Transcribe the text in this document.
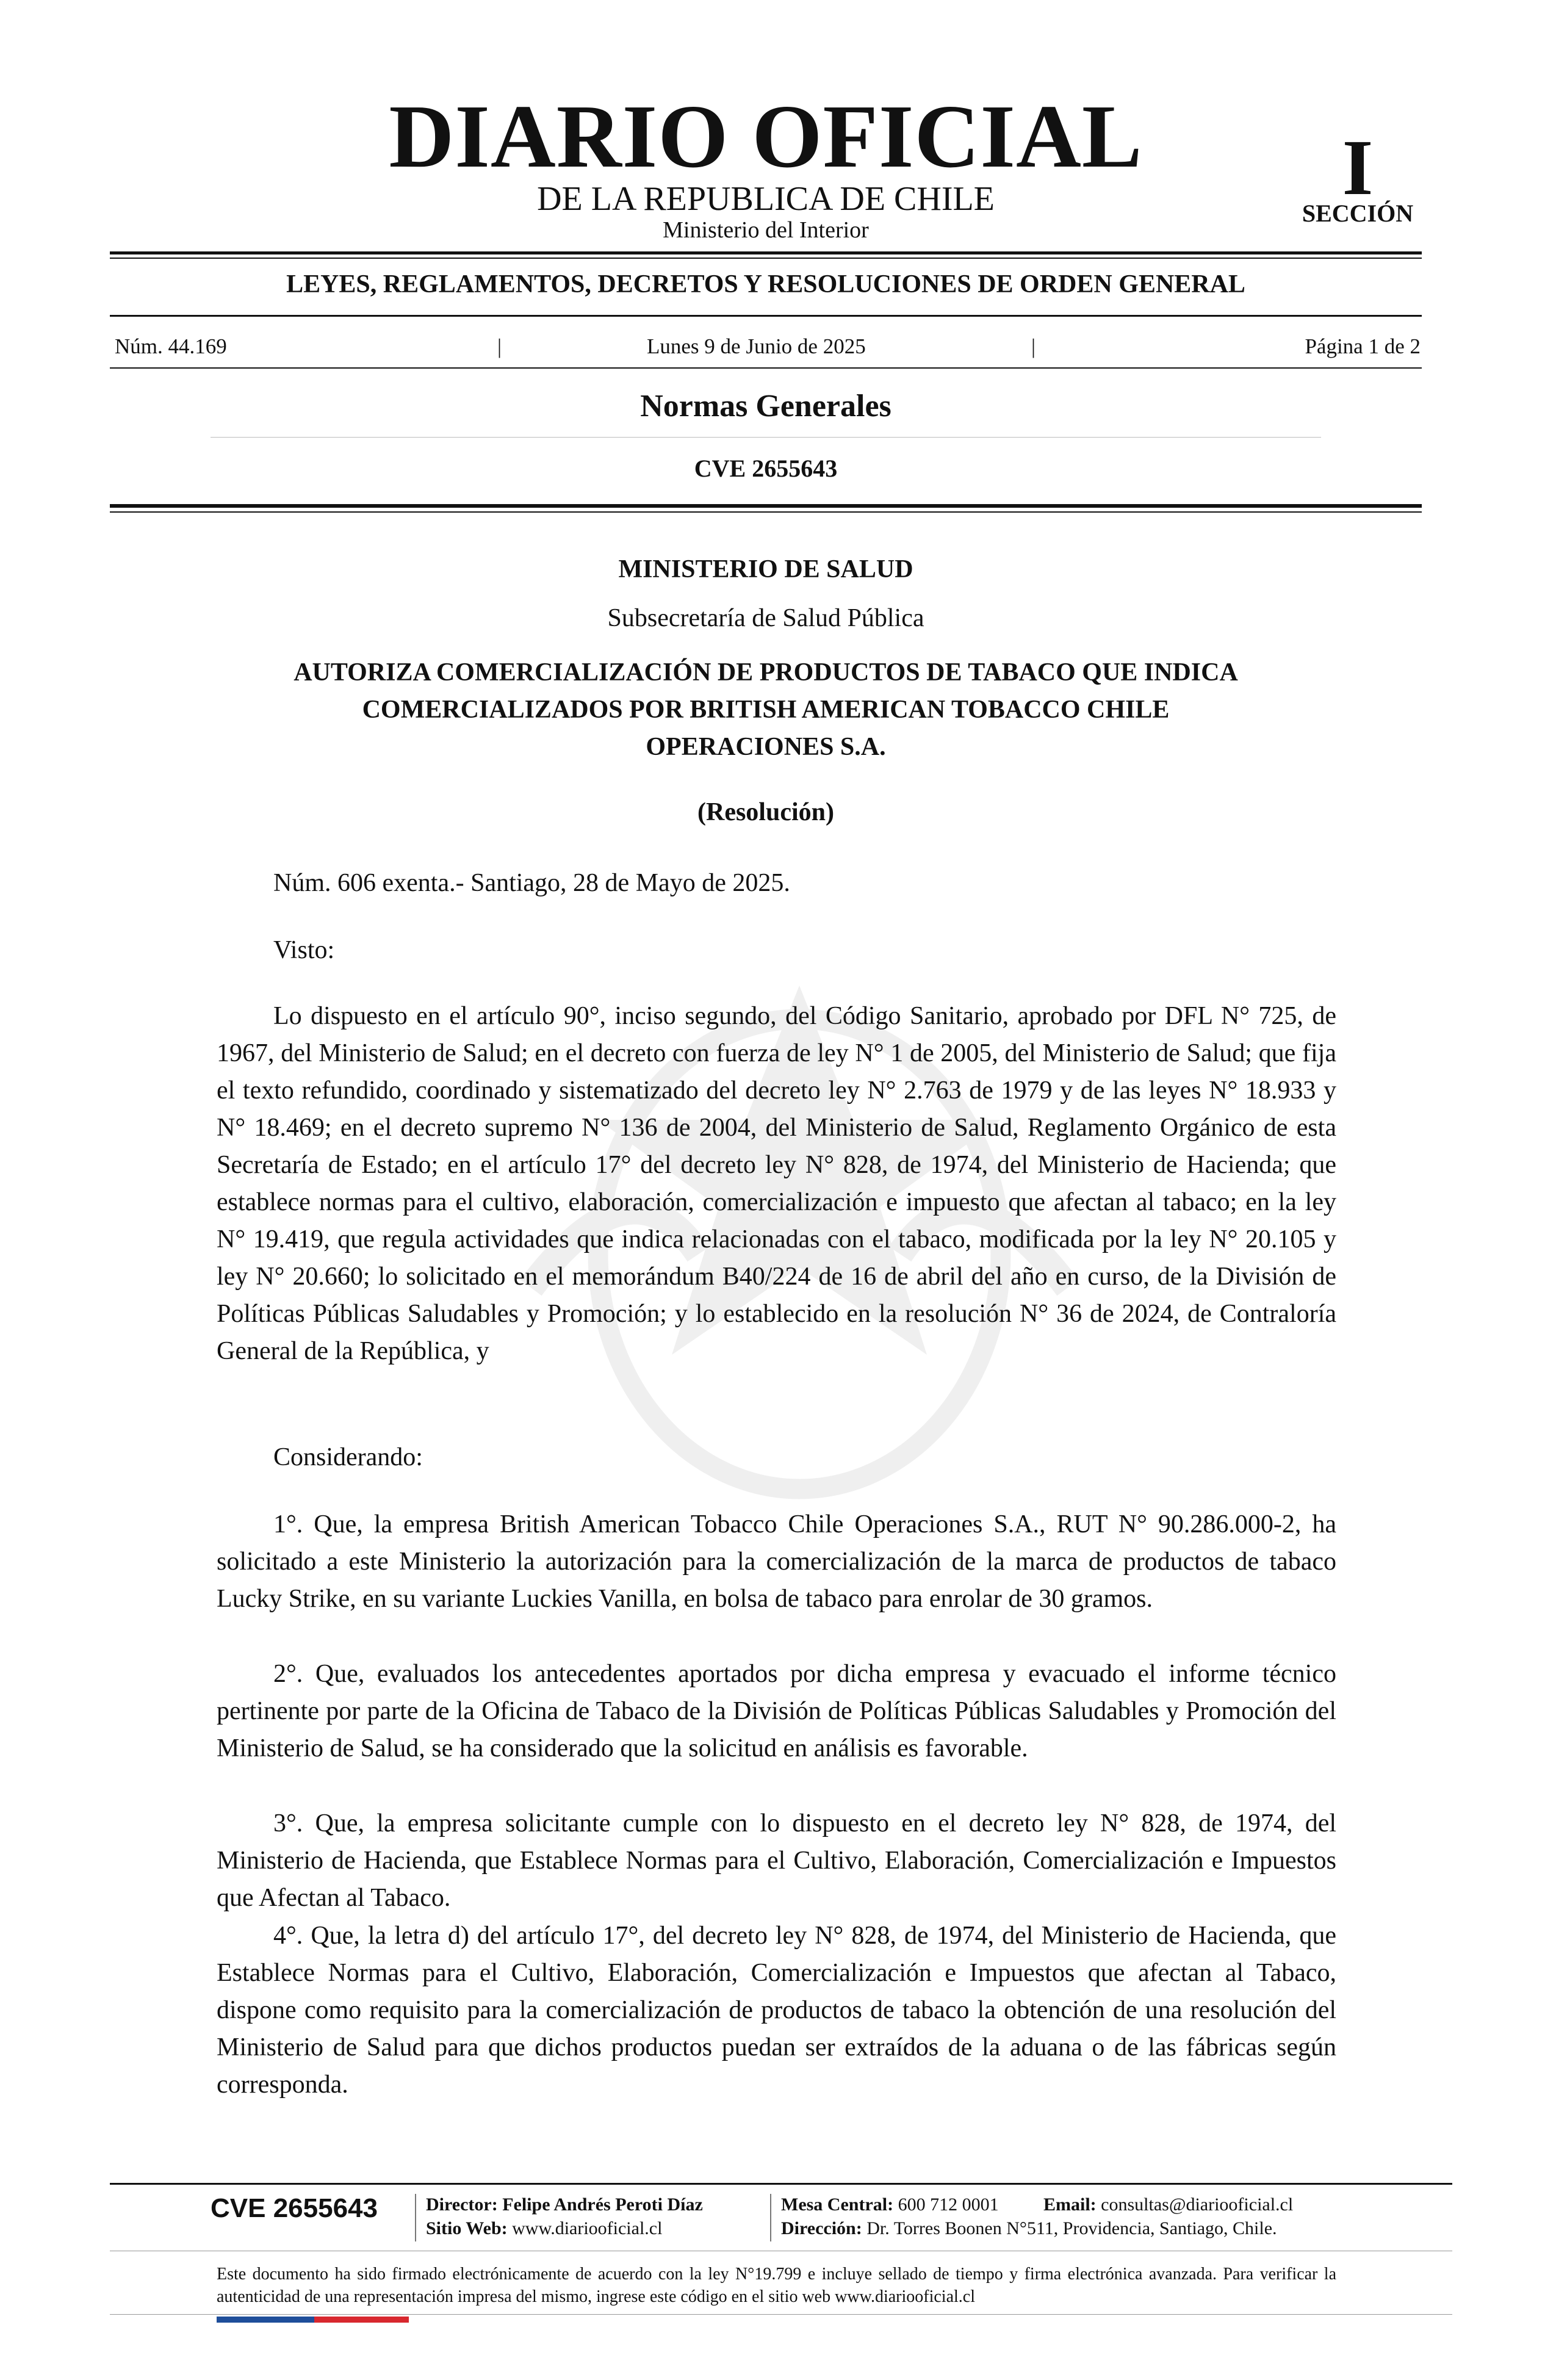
DIARIO OFICIAL
DE LA REPUBLICA DE CHILE
Ministerio del Interior
I
SECCIÓN
LEYES, REGLAMENTOS, DECRETOS Y RESOLUCIONES DE ORDEN GENERAL
Núm. 44.169	|	Lunes 9 de Junio de 2025	|	Página 1 de 2
Normas Generales
CVE 2655643
MINISTERIO DE SALUD
Subsecretaría de Salud Pública
AUTORIZA COMERCIALIZACIÓN DE PRODUCTOS DE TABACO QUE INDICA
COMERCIALIZADOS POR BRITISH AMERICAN TOBACCO CHILE
OPERACIONES S.A.
(Resolución)
Núm. 606 exenta.- Santiago, 28 de Mayo de 2025.
Visto:

Lo dispuesto en el artículo 90°, inciso segundo, del Código Sanitario, aprobado por DFL N° 725, de 1967, del Ministerio de Salud; en el decreto con fuerza de ley N° 1 de 2005, del Ministerio de Salud; que fija el texto refundido, coordinado y sistematizado del decreto ley N° 2.763 de 1979 y de las leyes N° 18.933 y N° 18.469; en el decreto supremo N° 136 de 2004, del Ministerio de Salud, Reglamento Orgánico de esta Secretaría de Estado; en el artículo 17° del decreto ley N° 828, de 1974, del Ministerio de Hacienda; que establece normas para el cultivo, elaboración, comercialización e impuesto que afectan al tabaco; en la ley N° 19.419, que regula actividades que indica relacionadas con el tabaco, modificada por la ley N° 20.105 y ley N° 20.660; lo solicitado en el memorándum B40/224 de 16 de abril del año en curso, de la División de Políticas Públicas Saludables y Promoción; y lo establecido en la resolución N° 36 de 2024, de Contraloría General de la República, y

Considerando:

1°. Que, la empresa British American Tobacco Chile Operaciones S.A., RUT N° 90.286.000-2, ha solicitado a este Ministerio la autorización para la comercialización de la marca de productos de tabaco Lucky Strike, en su variante Luckies Vanilla, en bolsa de tabaco para enrolar de 30 gramos.

2°. Que, evaluados los antecedentes aportados por dicha empresa y evacuado el informe técnico pertinente por parte de la Oficina de Tabaco de la División de Políticas Públicas Saludables y Promoción del Ministerio de Salud, se ha considerado que la solicitud en análisis es favorable.

3°. Que, la empresa solicitante cumple con lo dispuesto en el decreto ley N° 828, de 1974, del Ministerio de Hacienda, que Establece Normas para el Cultivo, Elaboración, Comercialización e Impuestos que Afectan al Tabaco.

4°. Que, la letra d) del artículo 17°, del decreto ley N° 828, de 1974, del Ministerio de Hacienda, que Establece Normas para el Cultivo, Elaboración, Comercialización e Impuestos que afectan al Tabaco, dispone como requisito para la comercialización de productos de tabaco la obtención de una resolución del Ministerio de Salud para que dichos productos puedan ser extraídos de la aduana o de las fábricas según corresponda.

CVE 2655643	Director: Felipe Andrés Peroti Díaz
Sitio Web: www.diariooficial.cl
Mesa Central: 600 712 0001 Email: consultas@diariooficial.cl
Dirección: Dr. Torres Boonen N°511, Providencia, Santiago, Chile.
Este documento ha sido firmado electrónicamente de acuerdo con la ley N°19.799 e incluye sellado de tiempo y firma electrónica avanzada. Para verificar la autenticidad de una representación impresa del mismo, ingrese este código en el sitio web www.diariooficial.cl
